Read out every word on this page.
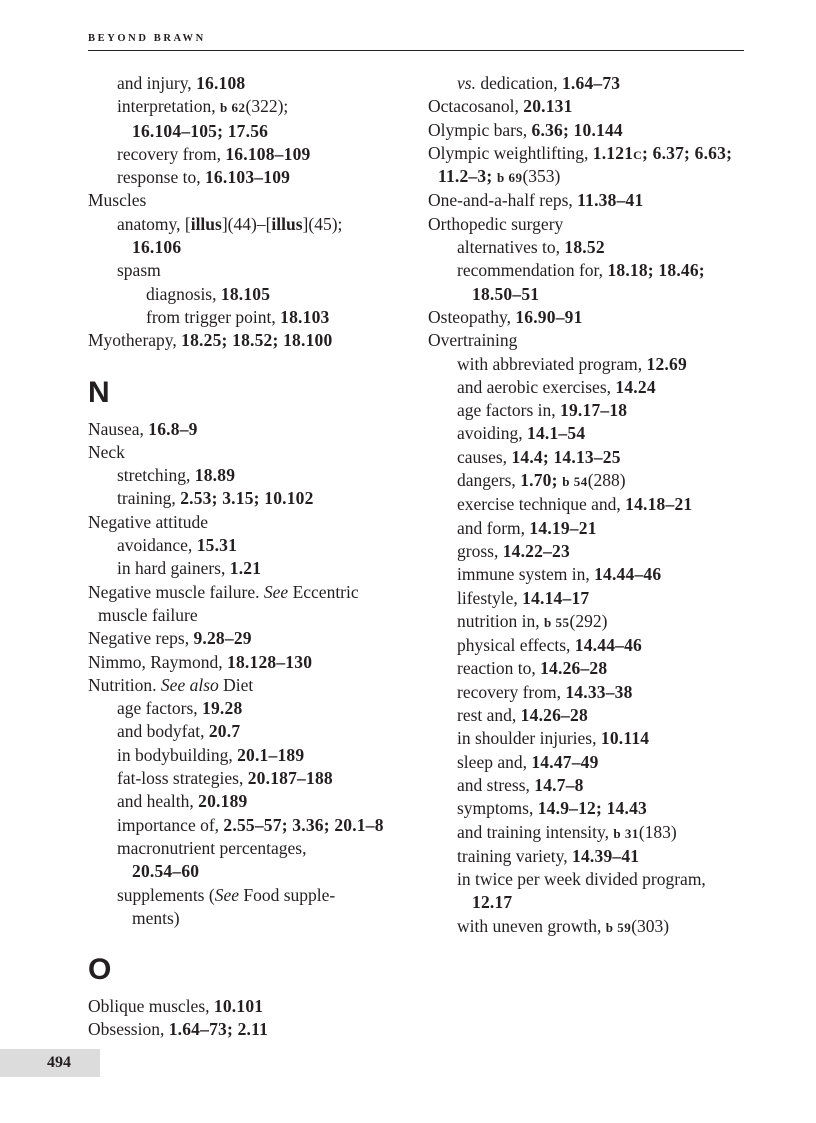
BEYOND BRAWN
and injury, 16.108
interpretation, b 62(322);
16.104–105; 17.56
recovery from, 16.108–109
response to, 16.103–109
Muscles
anatomy, [illus](44)–[illus](45);
16.106
spasm
diagnosis, 18.105
from trigger point, 18.103
Myotherapy, 18.25; 18.52; 18.100
N
Nausea, 16.8–9
Neck
stretching, 18.89
training, 2.53; 3.15; 10.102
Negative attitude
avoidance, 15.31
in hard gainers, 1.21
Negative muscle failure. See Eccentric
muscle failure
Negative reps, 9.28–29
Nimmo, Raymond, 18.128–130
Nutrition. See also Diet
age factors, 19.28
and bodyfat, 20.7
in bodybuilding, 20.1–189
fat-loss strategies, 20.187–188
and health, 20.189
importance of, 2.55–57; 3.36; 20.1–8
macronutrient percentages,
20.54–60
supplements (See Food supple-
ments)
O
Oblique muscles, 10.101
Obsession, 1.64–73; 2.11
vs. dedication, 1.64–73
Octacosanol, 20.131
Olympic bars, 6.36; 10.144
Olympic weightlifting, 1.121c; 6.37; 6.63;
11.2–3; b 69(353)
One-and-a-half reps, 11.38–41
Orthopedic surgery
alternatives to, 18.52
recommendation for, 18.18; 18.46;
18.50–51
Osteopathy, 16.90–91
Overtraining
with abbreviated program, 12.69
and aerobic exercises, 14.24
age factors in, 19.17–18
avoiding, 14.1–54
causes, 14.4; 14.13–25
dangers, 1.70; b 54(288)
exercise technique and, 14.18–21
and form, 14.19–21
gross, 14.22–23
immune system in, 14.44–46
lifestyle, 14.14–17
nutrition in, b 55(292)
physical effects, 14.44–46
reaction to, 14.26–28
recovery from, 14.33–38
rest and, 14.26–28
in shoulder injuries, 10.114
sleep and, 14.47–49
and stress, 14.7–8
symptoms, 14.9–12; 14.43
and training intensity, b 31(183)
training variety, 14.39–41
in twice per week divided program,
12.17
with uneven growth, b 59(303)
494
